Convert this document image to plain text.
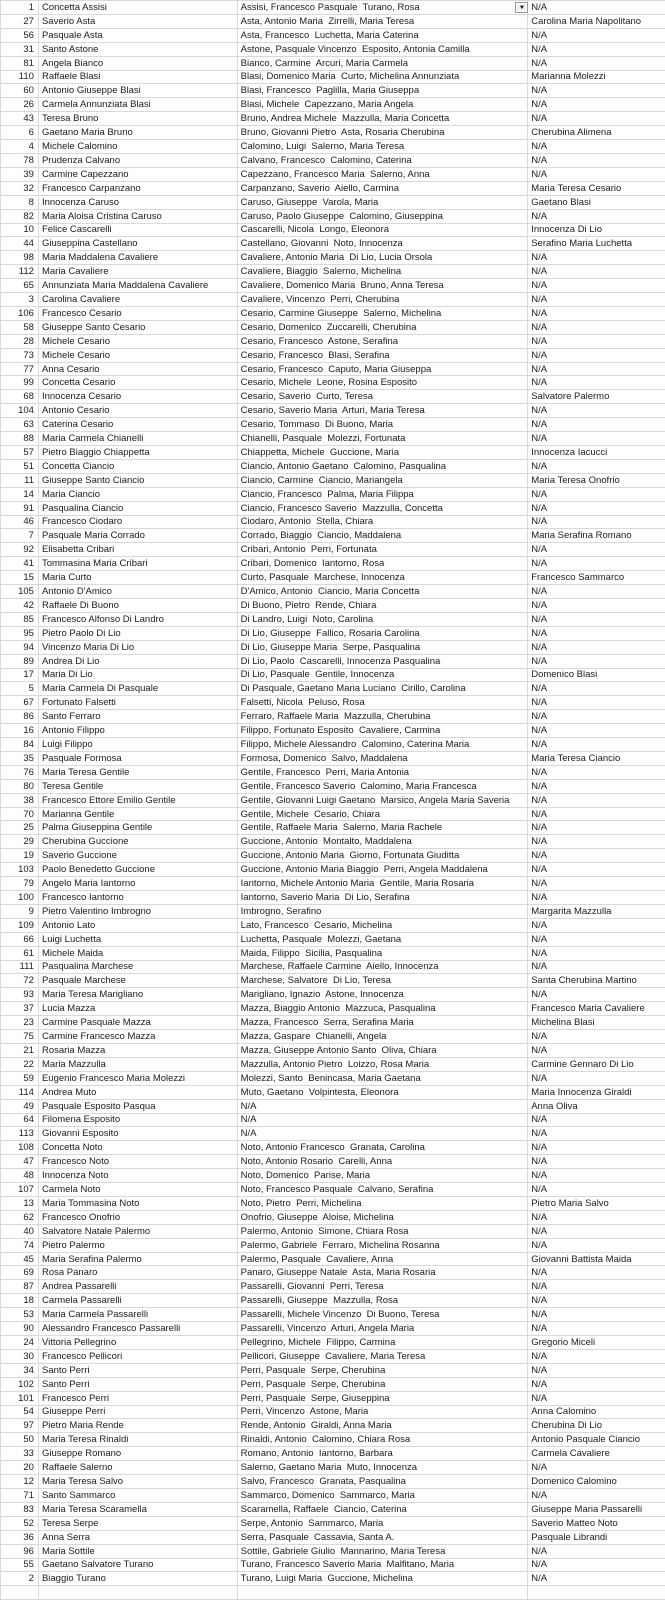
1 Concetta Assisi	Assisi, Francesco Pasquale  Turano, Rosa	N/A
27 Saverio Asta	Asta, Antonio Maria  Zirrelli, Maria Teresa	Carolina Maria Napolitano
56 Pasquale Asta	Asta, Francesco  Luchetta, Maria Caterina	N/A
31 Santo Astone	Astone, Pasquale Vincenzo  Esposito, Antonia Camilla	N/A
81 Angela Bianco	Bianco, Carmine  Arcuri, Maria Carmela	N/A
110 Raffaele Blasi	Blasi, Domenico Maria  Curto, Michelina Annunziata	Marianna Molezzi
60 Antonio Giuseppe Blasi	Blasi, Francesco  Paglilla, Maria Giuseppa	N/A
26 Carmela Annunziata Blasi	Blasi, Michele  Capezzano, Maria Angela	N/A
43 Teresa Bruno	Bruno, Andrea Michele  Mazzulla, Maria Concetta	N/A
6 Gaetano Maria Bruno	Bruno, Giovanni Pietro  Asta, Rosaria Cherubina	Cherubina Alimena
4 Michele Calomino	Calomino, Luigi  Salerno, Maria Teresa	N/A
78 Prudenza Calvano	Calvano, Francesco  Calomino, Caterina	N/A
39 Carmine Capezzano	Capezzano, Francesco Maria  Salerno, Anna	N/A
32 Francesco Carpanzano	Carpanzano, Saverio  Aiello, Carmina	Maria Teresa Cesario
8 Innocenza Caruso	Caruso, Giuseppe  Varola, Maria	Gaetano Blasi
82 Maria Aloisa Cristina Caruso	Caruso, Paolo Giuseppe  Calomino, Giuseppina	N/A
10 Felice Cascarelli	Cascarelli, Nicola  Longo, Eleonora	Innocenza Di Lio
44 Giuseppina Castellano	Castellano, Giovanni  Noto, Innocenza	Serafino Maria Luchetta
98 Maria Maddalena Cavaliere	Cavaliere, Antonio Maria  Di Lio, Lucia Orsola	N/A
112 Maria Cavaliere	Cavaliere, Biaggio  Salerno, Michelina	N/A
65 Annunziata Maria Maddalena Cavaliere	Cavaliere, Domenico Maria  Bruno, Anna Teresa	N/A
3 Carolina Cavaliere	Cavaliere, Vincenzo  Perri, Cherubina	N/A
106 Francesco Cesario	Cesario, Carmine Giuseppe  Salerno, Michelina	N/A
58 Giuseppe Santo Cesario	Cesario, Domenico  Zuccarelli, Cherubina	N/A
28 Michele Cesario	Cesario, Francesco  Astone, Serafina	N/A
73 Michele Cesario	Cesario, Francesco  Blasi, Serafina	N/A
77 Anna Cesario	Cesario, Francesco  Caputo, Maria Giuseppa	N/A
99 Concetta Cesario	Cesario, Michele  Leone, Rosina Esposito	N/A
68 Innocenza Cesario	Cesario, Saverio  Curto, Teresa	Salvatore Palermo
104 Antonio Cesario	Cesario, Saverio Maria  Arturi, Maria Teresa	N/A
63 Caterina Cesario	Cesario, Tommaso  Di Buono, Maria	N/A
88 Maria Carmela Chianelli	Chianelli, Pasquale  Molezzi, Fortunata	N/A
57 Pietro Biaggio Chiappetta	Chiappetta, Michele  Guccione, Maria	Innocenza Iacucci
51 Concetta Ciancio	Ciancio, Antonio Gaetano  Calomino, Pasqualina	N/A
11 Giuseppe Santo Ciancio	Ciancio, Carmine  Ciancio, Mariangela	Maria Teresa Onofrio
14 Maria Ciancio	Ciancio, Francesco  Palma, Maria Filippa	N/A
91 Pasqualina Ciancio	Ciancio, Francesco Saverio  Mazzulla, Concetta	N/A
46 Francesco Ciodaro	Ciodaro, Antonio  Stella, Chiara	N/A
7 Pasquale Maria Corrado	Corrado, Biaggio  Ciancio, Maddalena	Maria Serafina Romano
92 Elisabetta Cribari	Cribari, Antonio  Perri, Fortunata	N/A
41 Tommasina Maria Cribari	Cribari, Domenico  Iantorno, Rosa	N/A
15 Maria Curto	Curto, Pasquale  Marchese, Innocenza	Francesco Sammarco
105 Antonio D'Amico	D'Amico, Antonio  Ciancio, Maria Concetta	N/A
42 Raffaele Di Buono	Di Buono, Pietro  Rende, Chiara	N/A
85 Francesco Alfonso Di Landro	Di Landro, Luigi  Noto, Carolina	N/A
95 Pietro Paolo Di Lio	Di Lio, Giuseppe  Fallico, Rosaria Carolina	N/A
94 Vincenzo Maria Di Lio	Di Lio, Giuseppe Maria  Serpe, Pasqualina	N/A
89 Andrea Di Lio	Di Lio, Paolo  Cascarelli, Innocenza Pasqualina	N/A
17 Maria Di Lio	Di Lio, Pasquale  Gentile, Innocenza	Domenico Blasi
5 Maria Carmela Di Pasquale	Di Pasquale, Gaetano Maria Luciano  Cirillo, Carolina	N/A
67 Fortunato Falsetti	Falsetti, Nicola  Peluso, Rosa	N/A
86 Santo Ferraro	Ferraro, Raffaele Maria  Mazzulla, Cherubina	N/A
16 Antonio Filippo	Filippo, Fortunato Esposito  Cavaliere, Carmina	N/A
84 Luigi Filippo	Filippo, Michele Alessandro  Calomino, Caterina Maria	N/A
35 Pasquale Formosa	Formosa, Domenico  Salvo, Maddalena	Maria Teresa Ciancio
76 Maria Teresa Gentile	Gentile, Francesco  Perri, Maria Antonia	N/A
80 Teresa Gentile	Gentile, Francesco Saverio  Calomino, Maria Francesca	N/A
38 Francesco Ettore Emilio Gentile	Gentile, Giovanni Luigi Gaetano  Marsico, Angela Maria Saveria	N/A
70 Marianna Gentile	Gentile, Michele  Cesario, Chiara	N/A
25 Palma Giuseppina Gentile	Gentile, Raffaele Maria  Salerno, Maria Rachele	N/A
29 Cherubina Guccione	Guccione, Antonio  Montalto, Maddalena	N/A
19 Saverio Guccione	Guccione, Antonio Maria  Giorno, Fortunata Giuditta	N/A
103 Paolo Benedetto Guccione	Guccione, Antonio Maria Biaggio  Perri, Angela Maddalena	N/A
79 Angelo Maria Iantorno	Iantorno, Michele Antonio Maria  Gentile, Maria Rosaria	N/A
100 Francesco Iantorno	Iantorno, Saverio Maria  Di Lio, Serafina	N/A
9 Pietro Valentino Imbrogno	Imbrogno, Serafino	Margarita Mazzulla
109 Antonio Lato	Lato, Francesco  Cesario, Michelina	N/A
66 Luigi Luchetta	Luchetta, Pasquale  Molezzi, Gaetana	N/A
61 Michele Maida	Maida, Filippo  Sicilia, Pasqualina	N/A
111 Pasqualina Marchese	Marchese, Raffaele Carmine  Aiello, Innocenza	N/A
72 Pasquale Marchese	Marchese, Salvatore  Di Lio, Teresa	Santa Cherubina Martino
93 Maria Teresa Marigliano	Marigliano, Ignazio  Astone, Innocenza	N/A
37 Lucia Mazza	Mazza, Biaggio Antonio  Mazzuca, Pasqualina	Francesco Maria Cavaliere
23 Carmine Pasquale Mazza	Mazza, Francesco  Serra, Serafina Maria	Michelina Blasi
75 Carmine Francesco Mazza	Mazza, Gaspare  Chianelli, Angela	N/A
21 Rosaria Mazza	Mazza, Giuseppe Antonio Santo  Oliva, Chiara	N/A
22 Maria Mazzulla	Mazzulla, Antonio Pietro  Loizzo, Rosa Maria	Carmine Gennaro Di Lio
59 Eugenio Francesco Maria Molezzi	Molezzi, Santo  Benincasa, Maria Gaetana	N/A
114 Andrea Muto	Muto, Gaetano  Volpintesta, Eleonora	Maria Innocenza Giraldi
49 Pasquale Esposito Pasqua	N/A	Anna Oliva
64 Filomena Esposito	N/A	N/A
113 Giovanni Esposito	N/A	N/A
108 Concetta Noto	Noto, Antonio Francesco  Granata, Carolina	N/A
47 Francesco Noto	Noto, Antonio Rosario  Carelli, Anna	N/A
48 Innocenza Noto	Noto, Domenico  Parise, Maria	N/A
107 Carmela Noto	Noto, Francesco Pasquale  Calvano, Serafina	N/A
13 Maria Tommasina Noto	Noto, Pietro  Perri, Michelina	Pietro Maria Salvo
62 Francesco Onofrio	Onofrio, Giuseppe  Aloise, Michelina	N/A
40 Salvatore Natale Palermo	Palermo, Antonio  Simone, Chiara Rosa	N/A
74 Pietro Palermo	Palermo, Gabriele  Ferraro, Michelina Rosanna	N/A
45 Maria Serafina Palermo	Palermo, Pasquale  Cavaliere, Anna	Giovanni Battista Maida
69 Rosa Panaro	Panaro, Giuseppe Natale  Asta, Maria Rosaria	N/A
87 Andrea Passarelli	Passarelli, Giovanni  Perri, Teresa	N/A
18 Carmela Passarelli	Passarelli, Giuseppe  Mazzulla, Rosa	N/A
53 Maria Carmela Passarelli	Passarelli, Michele Vincenzo  Di Buono, Teresa	N/A
90 Alessandro Francesco Passarelli	Passarelli, Vincenzo  Arturi, Angela Maria	N/A
24 Vittoria Pellegrino	Pellegrino, Michele  Filippo, Carmina	Gregorio Miceli
30 Francesco Pellicori	Pellicori, Giuseppe  Cavaliere, Maria Teresa	N/A
34 Santo Perri	Perri, Pasquale  Serpe, Cherubina	N/A
102 Santo Perri	Perri, Pasquale  Serpe, Cherubina	N/A
101 Francesco Perri	Perri, Pasquale  Serpe, Giuseppina	N/A
54 Giuseppe Perri	Perri, Vincenzo  Astone, Maria	Anna Calomino
97 Pietro Maria Rende	Rende, Antonio  Giraldi, Anna Maria	Cherubina Di Lio
50 Maria Teresa Rinaldi	Rinaldi, Antonio  Calomino, Chiara Rosa	Antonio Pasquale Ciancio
33 Giuseppe Romano	Romano, Antonio  Iantorno, Barbara	Carmela Cavaliere
20 Raffaele Salerno	Salerno, Gaetano Maria  Muto, Innocenza	N/A
12 Maria Teresa Salvo	Salvo, Francesco  Granata, Pasqualina	Domenico Calomino
71 Santo Sammarco	Sammarco, Domenico  Sammarco, Maria	N/A
83 Maria Teresa Scaramella	Scaramella, Raffaele  Ciancio, Caterina	Giuseppe Maria Passarelli
52 Teresa Serpe	Serpe, Antonio  Sammarco, Maria	Saverio Matteo Noto
36 Anna Serra	Serra, Pasquale  Cassavia, Santa A.	Pasquale Librandi
96 Maria Sottile	Sottile, Gabriele Giulio  Mannarino, Maria Teresa	N/A
55 Gaetano Salvatore Turano	Turano, Francesco Saverio Maria  Malfitano, Maria	N/A
2 Biaggio Turano	Turano, Luigi Maria  Guccione, Michelina	N/A
▼
